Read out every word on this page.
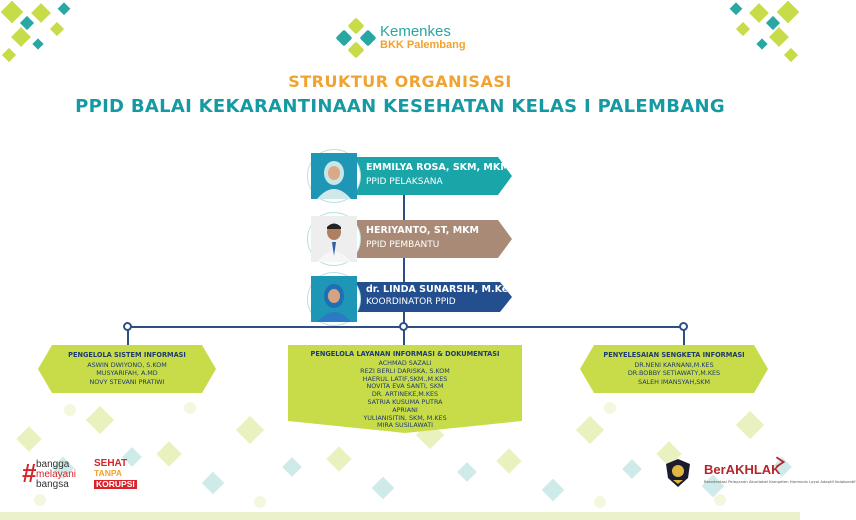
Kemenkes
BKK Palembang
STRUKTUR ORGANISASI
PPID BALAI KEKARANTINAAN KESEHATAN KELAS I PALEMBANG
EMMILYA ROSA, SKM, MKM
PPID PELAKSANA
HERIYANTO, ST, MKM
PPID PEMBANTU
dr. LINDA SUNARSIH, M.Kes.
KOORDINATOR PPID
PENGELOLA SISTEM INFORMASI
ASWIN DWIYONO, S.KOM
MUSYARIFAH, A.MD
NOVY STEVANI PRATIWI
PENGELOLA LAYANAN INFORMASI & DOKUMENTASI
ACHMAD SAZALI
REZI BERLI DARISKA, S.KOM
HAERUL LATIF,SKM.,M.KES
NOVITA EVA SANTI, SKM
DR. ARTINEKE,M.KES
SATRIA KUSUMA PUTRA
APRIANI
YULIANISITIN, SKM, M.KES
MIRA SUSILAWATI
PENYELESAIAN SENGKETA INFORMASI
DR.NENI KARNANI,M.KES
DR.BOBBY SETIAWATY,M.KES
SALEH IMANSYAH,SKM
# bangga
melayani
bangsa
SEHAT
TANPA
KORUPSI
BerAKHLAK
Berorientasi Pelayanan Akuntabel Kompeten Harmonis Loyal Adaptif Kolaboratif
